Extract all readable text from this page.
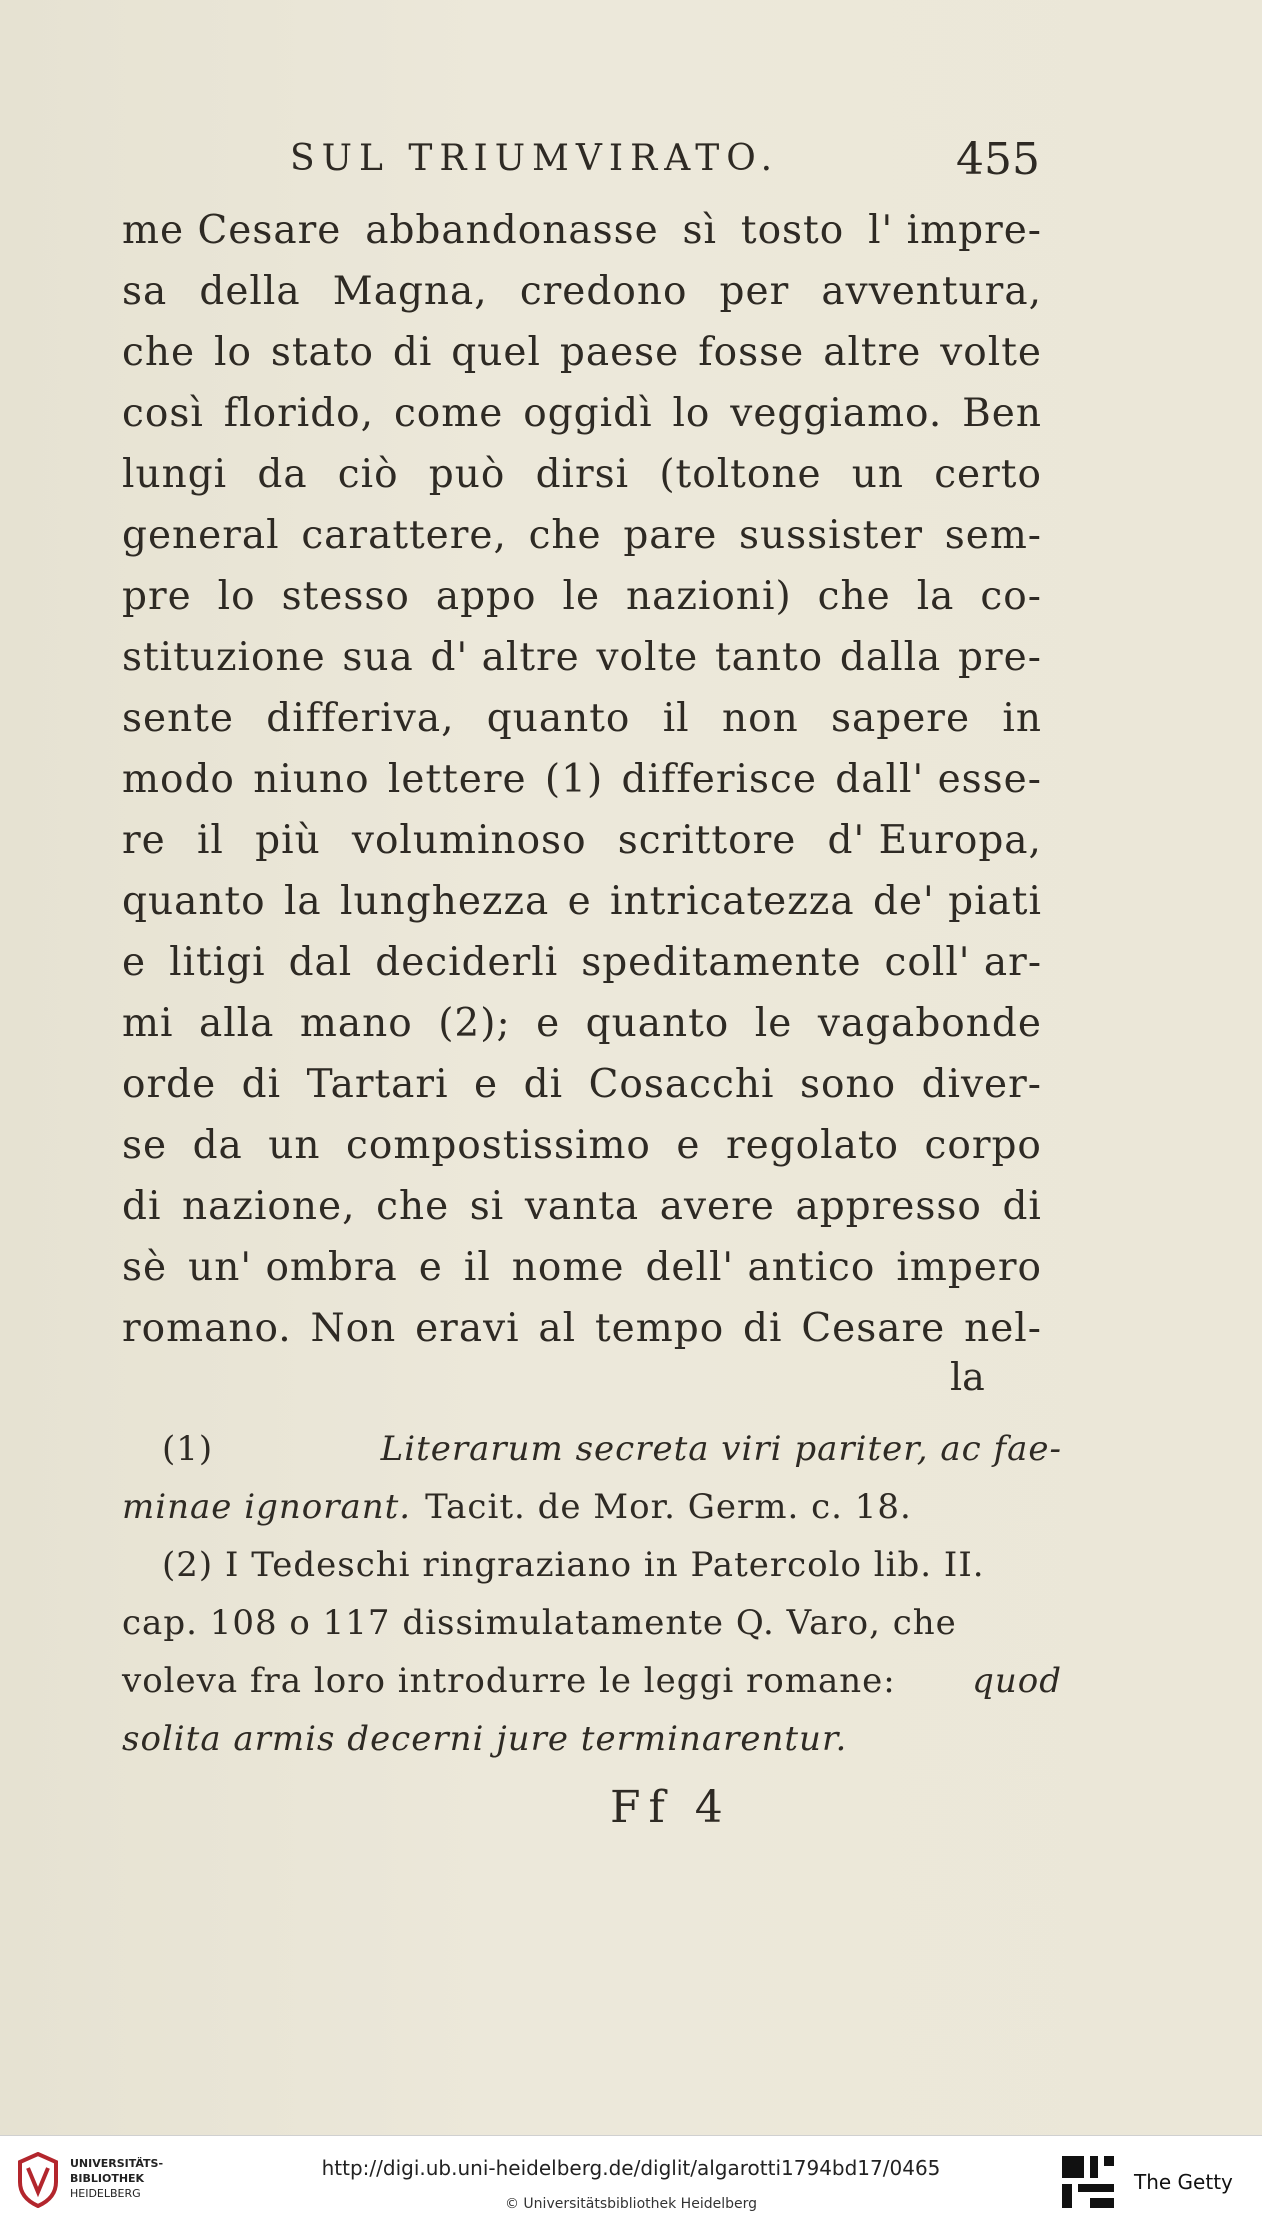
SUL TRIUMVIRATO.	455
me Cesare abbandonasse sì tosto l' impre-
sa della Magna, credono per avventura,
che lo stato di quel paese fosse altre volte
così florido, come oggidì lo veggiamo. Ben
lungi da ciò può dirsi (toltone un certo
general carattere, che pare sussister sem-
pre lo stesso appo le nazioni) che la co-
stituzione sua d' altre volte tanto dalla pre-
sente differiva, quanto il non sapere in
modo niuno lettere (1) differisce dall' esse-
re il più voluminoso scrittore d' Europa,
quanto la lunghezza e intricatezza de' piati
e litigi dal deciderli speditamente coll' ar-
mi alla mano (2); e quanto le vagabonde
orde di Tartari e di Cosacchi sono diver-
se da un compostissimo e regolato corpo
di nazione, che si vanta avere appresso di
sè un' ombra e il nome dell' antico impero
romano. Non eravi al tempo di Cesare nel-
la
(1)	Literarum secreta viri pariter, ac fae-
minae ignorant. Tacit. de Mor. Germ. c. 18.
(2) I Tedeschi ringraziano in Patercolo lib. II.
cap. 108 o 117 dissimulatamente Q. Varo, che
voleva fra loro introdurre le leggi romane: quod
solita armis decerni jure terminarentur.
Ff 4
UNIVERSITÄTS-
BIBLIOTHEK
HEIDELBERG
http://digi.ub.uni-heidelberg.de/diglit/algarotti1794bd17/0465
© Universitätsbibliothek Heidelberg
The Getty
